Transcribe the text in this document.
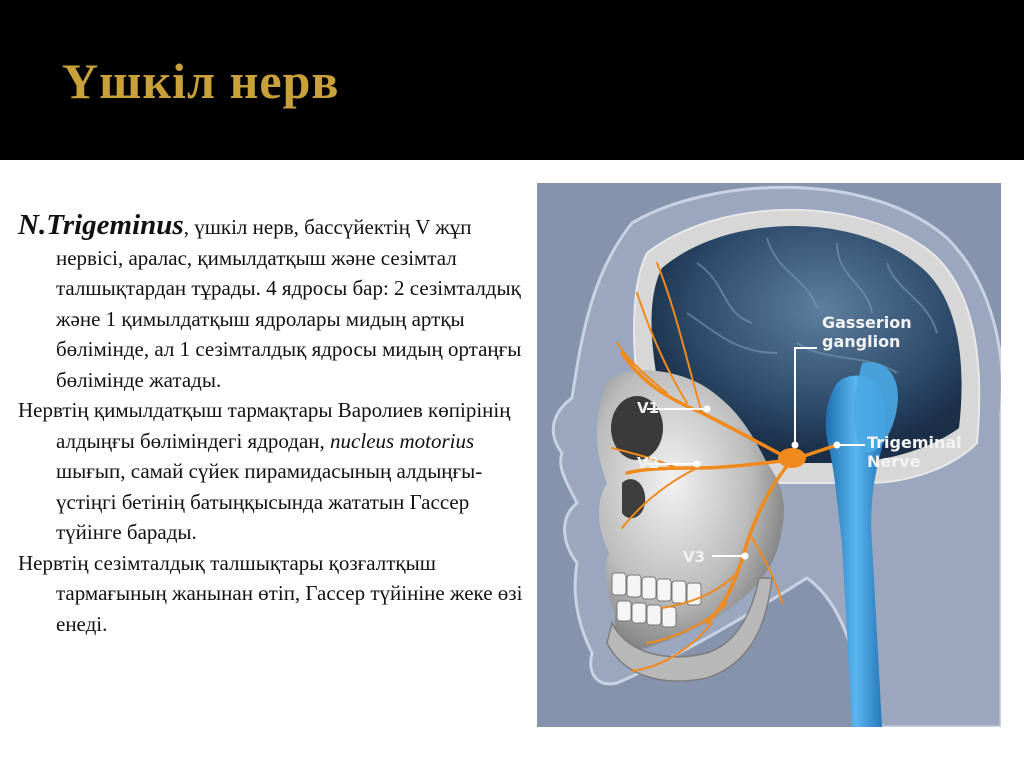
Үшкіл нерв

N.Trigeminus, үшкіл нерв, бассүйектің V жұп нервісі, аралас, қимылдатқыш және сезімтал талшықтардан тұрады. 4 ядросы бар: 2 сезімталдық және 1 қимылдатқыш ядролары мидың артқы бөлімінде, ал 1 сезімталдық ядросы мидың ортаңғы бөлімінде жатады.

Нервтің қимылдатқыш тармақтары Варолиев көпірінің алдыңғы бөліміндегі ядродан, nucleus motorius шығып, самай сүйек пирамидасының алдыңғы-үстіңгі бетінің батыңқысында жататын Гассер түйінге барады.

Нервтің сезімталдық талшықтары қозғалтқыш тармағының жанынан өтіп, Гассер түйініне жеке өзі енеді.

Gasserion
ganglion
Trigeminal
Nerve
V1
V2
V3
